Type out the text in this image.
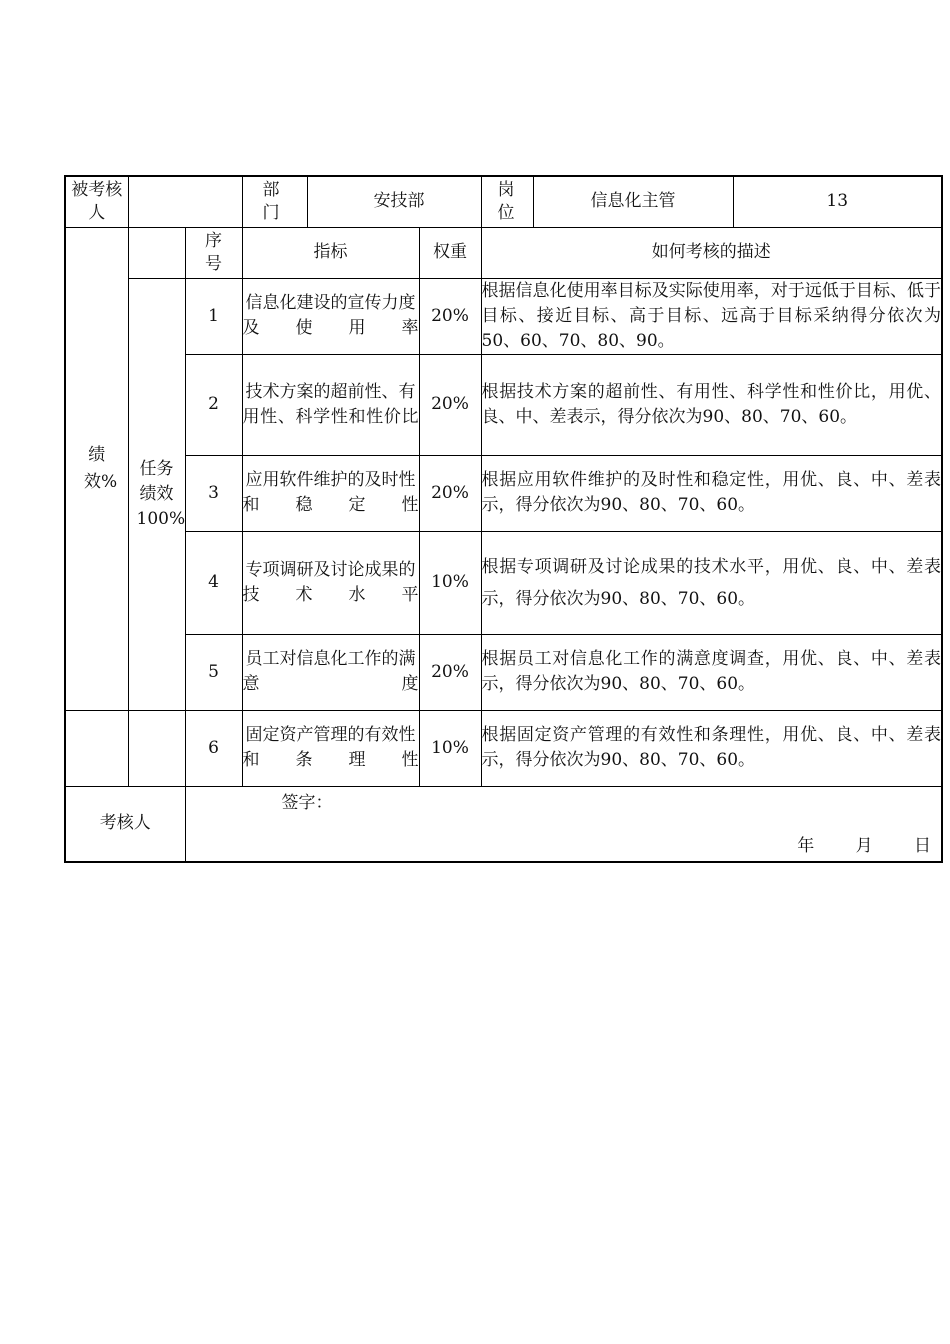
被考核人			部门	安技部		岗位	信息化主管	13
绩效%		序号	指标		权重	如何考核的描述		
	任务绩效100%	1	信息化建设的宣传力度及使用率		20%	根据信息化使用率目标及实际使用率，对于远低于目标、低于目标、接近目标、高于目标、远高于目标采纳得分依次为50、60、70、80、90。		
		2	技术方案的超前性、有用性、科学性和性价比		20%	根据技术方案的超前性、有用性、科学性和性价比，用优、良、中、差表示，得分依次为90、80、70、60。		
		3	应用软件维护的及时性和稳定性		20%	根据应用软件维护的及时性和稳定性，用优、良、中、差表示，得分依次为90、80、70、60。		
		4	专项调研及讨论成果的技术水平		10%	根据专项调研及讨论成果的技术水平，用优、良、中、差表示，得分依次为90、80、70、60。		
		5	员工对信息化工作的满意度		20%	根据员工对信息化工作的满意度调查，用优、良、中、差表示，得分依次为90、80、70、60。		
		6	固定资产管理的有效性和条理性		10%	根据固定资产管理的有效性和条理性，用优、良、中、差表示，得分依次为90、80、70、60。		
考核人		签字：
年 月 日						
